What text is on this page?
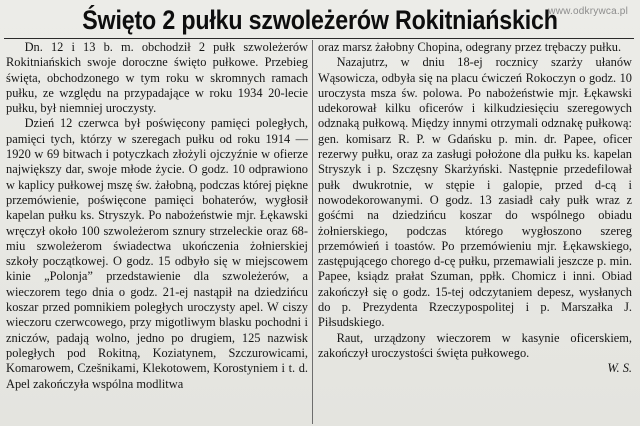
www.odkrywca.pl
Święto 2 pułku szwoleżerów Rokitniańskich

Dn. 12 i 13 b. m. obchodził 2 pułk szwoleżerów Rokitniańskich swoje doroczne święto pułkowe. Przebieg święta, obchodzonego w tym roku w skromnych ramach pułku, ze względu na przypadające w roku 1934 20-lecie pułku, był niemniej uroczysty.

Dzień 12 czerwca był poświęcony pamięci poległych, pamięci tych, którzy w szeregach pułku od roku 1914 — 1920 w 69 bitwach i potyczkach złożyli ojczyźnie w ofierze największy dar, swoje młode życie. O godz. 10 odprawiono w kaplicy pułkowej mszę św. żałobną, podczas której piękne przemówienie, poświęcone pamięci bohaterów, wygłosił kapelan pułku ks. Stryszyk. Po nabożeństwie mjr. Łękawski wręczył około 100 szwoleżerom sznury strzeleckie oraz 68-miu szwoleżerom świadectwa ukończenia żołnierskiej szkoły początkowej. O godz. 15 odbyło się w miejscowem kinie „Polonja” przedstawienie dla szwoleżerów, a wieczorem tego dnia o godz. 21-ej nastąpił na dziedzińcu koszar przed pomnikiem poległych uroczysty apel. W ciszy wieczoru czerwcowego, przy migotliwym blasku pochodni i zniczów, padają wolno, jedno po drugiem, 125 nazwisk poległych pod Rokitną, Koziatynem, Szczurowicami, Komarowem, Czešnikami, Klekotowem, Korostyniem i t. d. Apel zakończyła wspólna modlitwa

oraz marsz żałobny Chopina, odegrany przez trębaczy pułku.

Nazajutrz, w dniu 18-ej rocznicy szarży ułanów Wąsowicza, odbyła się na placu ćwiczeń Rokoczyn o godz. 10 uroczysta msza św. polowa. Po nabożeństwie mjr. Łękawski udekorował kilku oficerów i kilkudziesięciu szeregowych odznaką pułkową. Między innymi otrzymali odznakę pułkową: gen. komisarz R. P. w Gdańsku p. min. dr. Papee, oficer rezerwy pułku, oraz za zasługi położone dla pułku ks. kapelan Stryszyk i p. Szczęsny Skarżyński. Następnie przedefilował pułk dwukrotnie, w stępie i galopie, przed d-cą i nowodekorowanymi. O godz. 13 zasiadł cały pułk wraz z gośćmi na dziedzińcu koszar do wspólnego obiadu żołnierskiego, podczas którego wygłoszono szereg przemówień i toastów. Po przemówieniu mjr. Łękawskiego, zastępującego chorego d-cę pułku, przemawiali jeszcze p. min. Papee, ksiądz prałat Szuman, ppłk. Chomicz i inni. Obiad zakończył się o godz. 15-tej odczytaniem depesz, wysłanych do p. Prezydenta Rzeczypospolitej i p. Marszałka J. Piłsudskiego.

Raut, urządzony wieczorem w kasynie oficerskiem, zakończył uroczystości święta pułkowego.

W. S.
